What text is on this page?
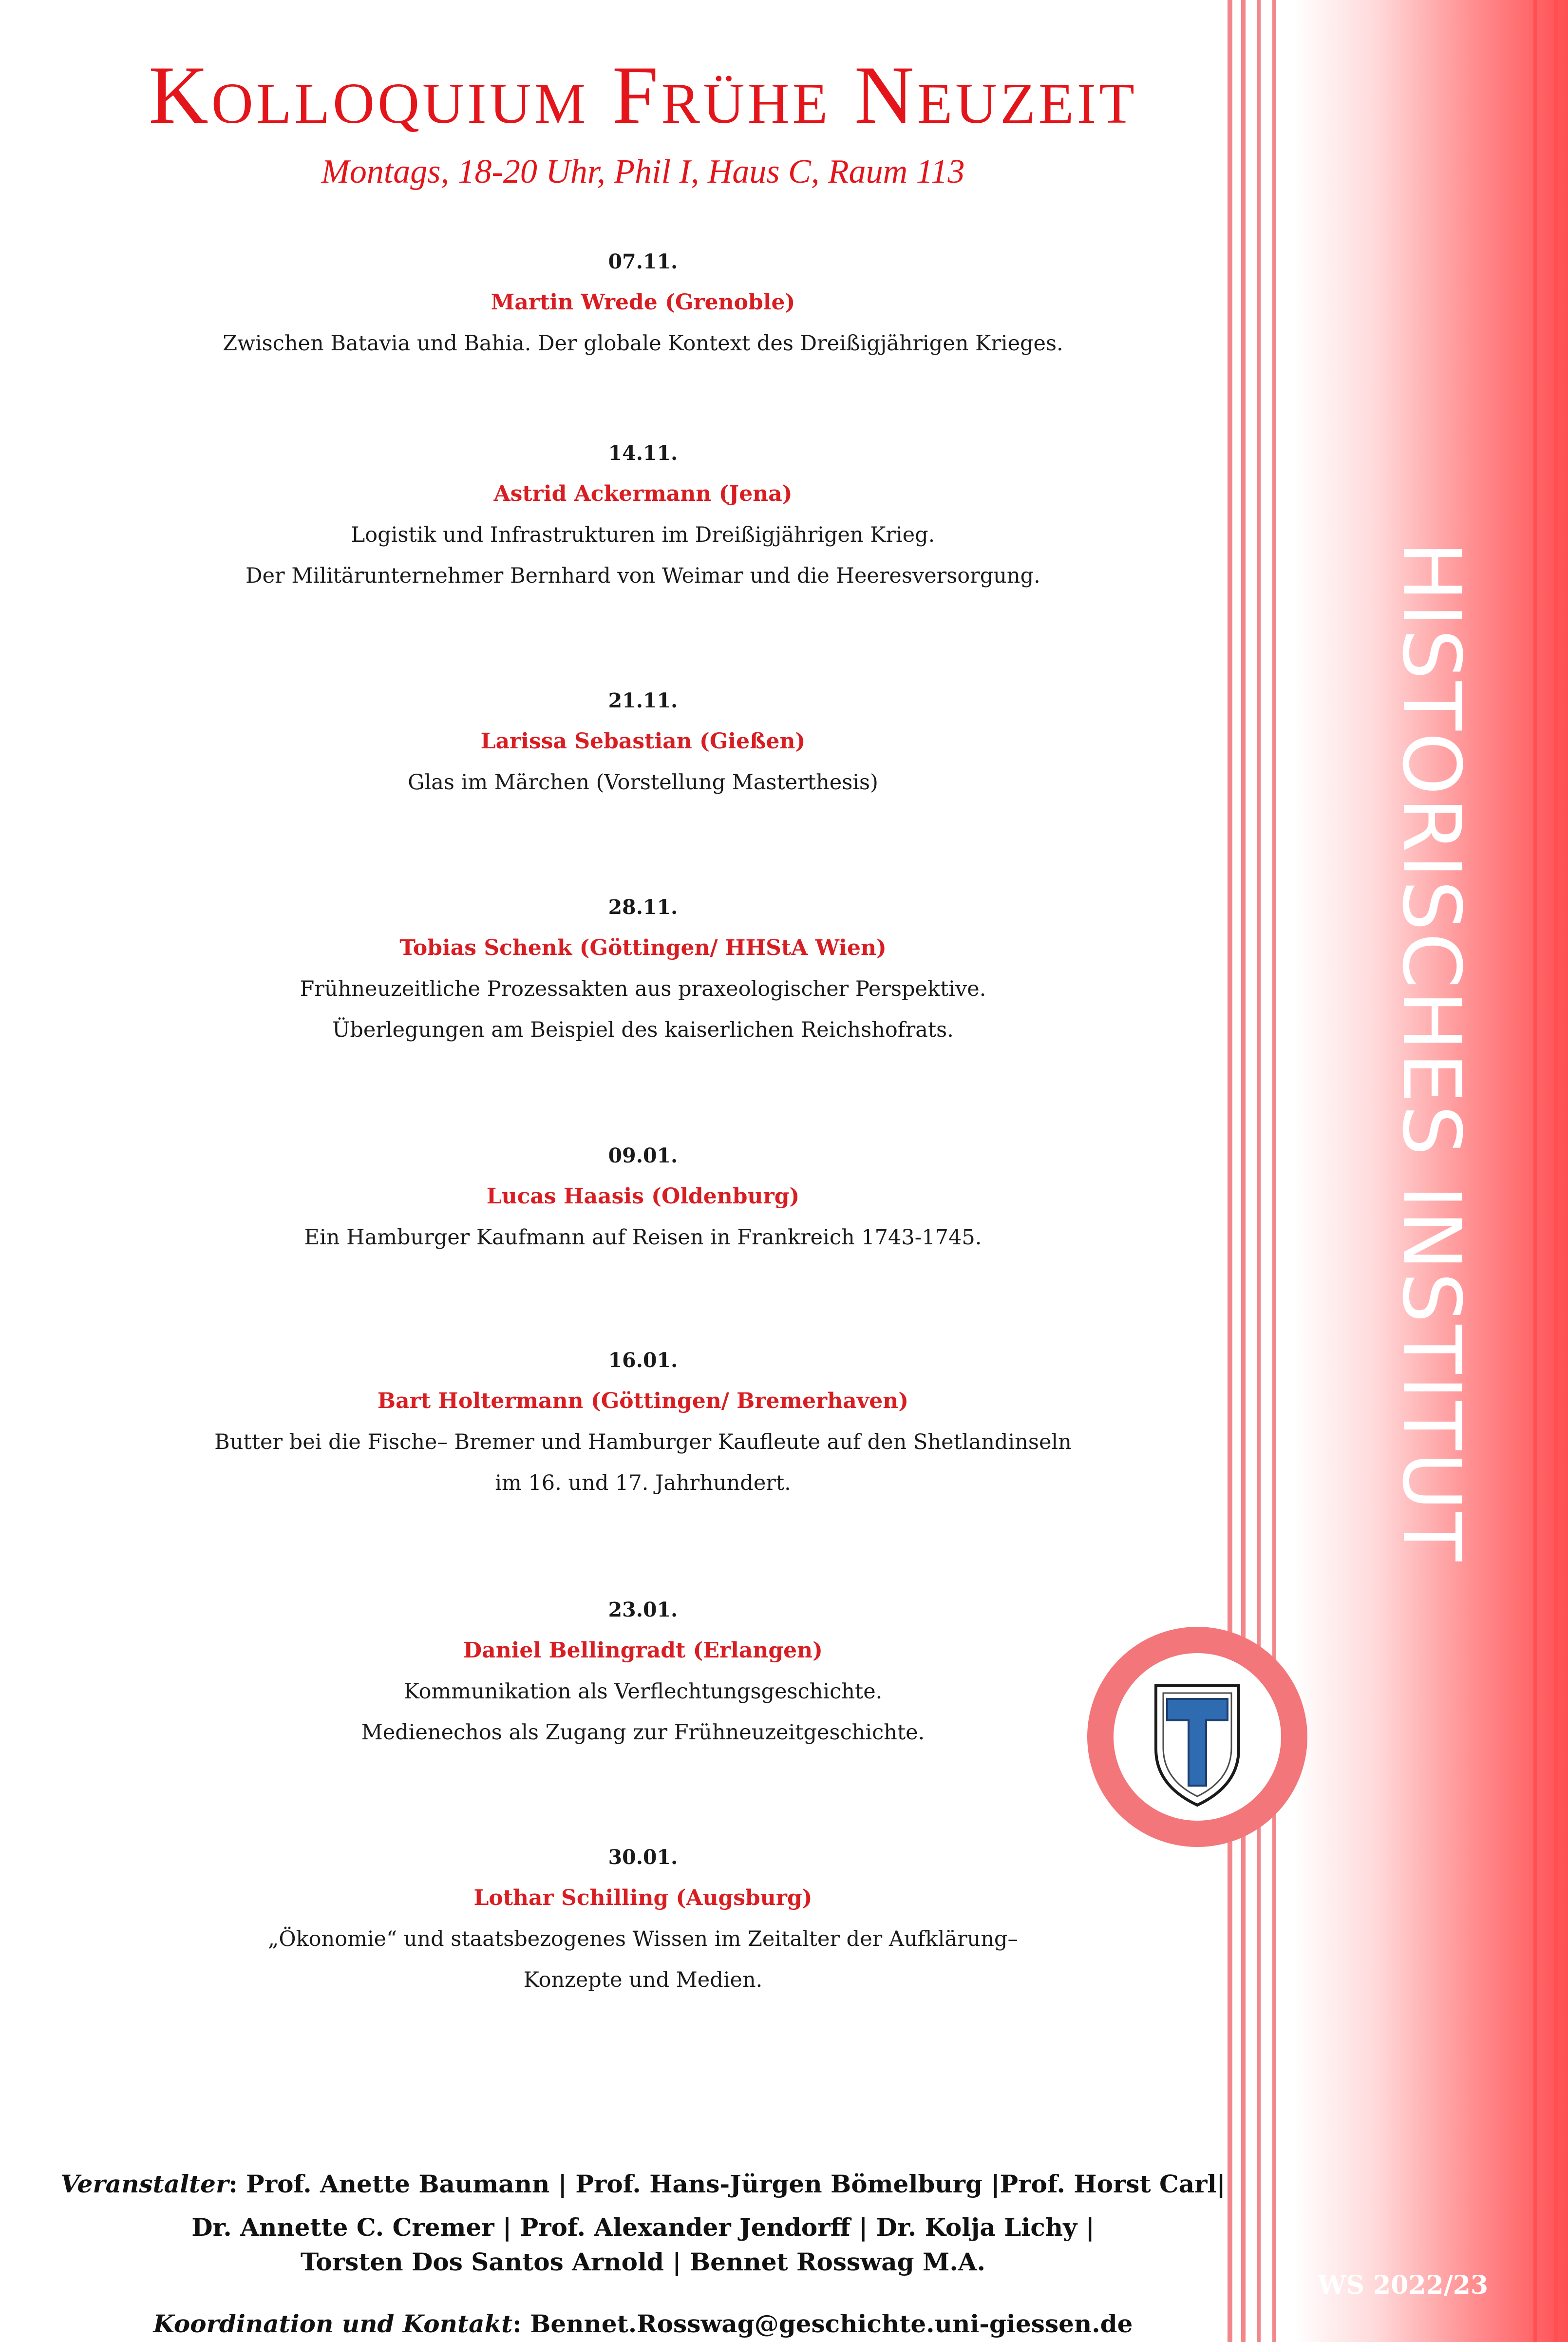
Kolloquium Frühe Neuzeit
Montags, 18-20 Uhr, Phil I, Haus C, Raum 113
07.11.
Martin Wrede (Grenoble)
Zwischen Batavia und Bahia. Der globale Kontext des Dreißigjährigen Krieges.
14.11.
Astrid Ackermann (Jena)
Logistik und Infrastrukturen im Dreißigjährigen Krieg.
Der Militärunternehmer Bernhard von Weimar und die Heeresversorgung.
21.11.
Larissa Sebastian (Gießen)
Glas im Märchen (Vorstellung Masterthesis)
28.11.
Tobias Schenk (Göttingen/ HHStA Wien)
Frühneuzeitliche Prozessakten aus praxeologischer Perspektive.
Überlegungen am Beispiel des kaiserlichen Reichshofrats.
09.01.
Lucas Haasis (Oldenburg)
Ein Hamburger Kaufmann auf Reisen in Frankreich 1743-1745.
16.01.
Bart Holtermann (Göttingen/ Bremerhaven)
Butter bei die Fische– Bremer und Hamburger Kaufleute auf den Shetlandinseln
im 16. und 17. Jahrhundert.
23.01.
Daniel Bellingradt (Erlangen)
Kommunikation als Verflechtungsgeschichte.
Medienechos als Zugang zur Frühneuzeitgeschichte.
30.01.
Lothar Schilling (Augsburg)
„Ökonomie“ und staatsbezogenes Wissen im Zeitalter der Aufklärung–
Konzepte und Medien.
Veranstalter: Prof. Anette Baumann | Prof. Hans-Jürgen Bömelburg |Prof. Horst Carl|
Dr. Annette C. Cremer | Prof. Alexander Jendorff | Dr. Kolja Lichy |
Torsten Dos Santos Arnold | Bennet Rosswag M.A.
Koordination und Kontakt: Bennet.Rosswag@geschichte.uni-giessen.de
HISTORISCHES INSTITUT
WS 2022/23
